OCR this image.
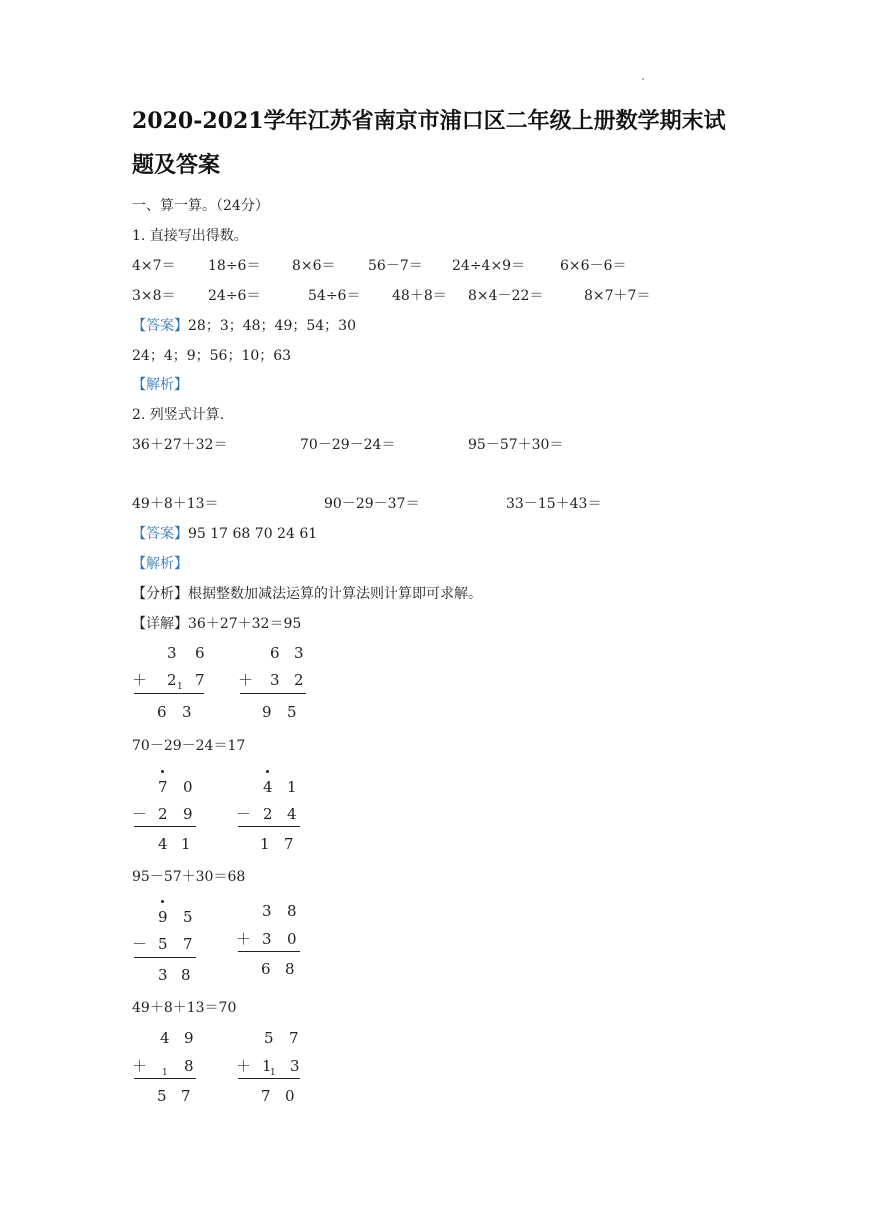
2020-2021学年江苏省南京市浦口区二年级上册数学期末试
题及答案
一、算一算。（24分）
1. 直接写出得数。
4×7＝ 18÷6＝ 8×6＝ 56－7＝ 24÷4×9＝ 6×6－6＝
3×8＝ 24÷6＝	54÷6＝ 48＋8＝ 8×4－22＝	8×7＋7＝
【答案】28；3；48；49；54；30
24；4；9；56；10；63
【解析】
2. 列竖式计算.
36＋27＋32＝	70－29－24＝	95－57＋30＝
49＋8＋13＝	90－29－37＝	33－15＋43＝
【答案】95 17 68 70 24 61
【解析】
【分析】根据整数加减法运算的计算法则计算即可求解。
【详解】36＋27＋32＝95
3 6
＋ 2 1 7
6 3
6 3
＋ 3 2
9 5
70－29－24＝17
7 0
－ 2 9
4 1
4 1
－ 2 4
1 7
95－57＋30＝68
9 5
－ 5 7
3 8
3 8
＋ 3 0
6 8
49＋8＋13＝70
4 9
＋ 1 8
5 7
5 7
＋ 1
1 3
7 0
